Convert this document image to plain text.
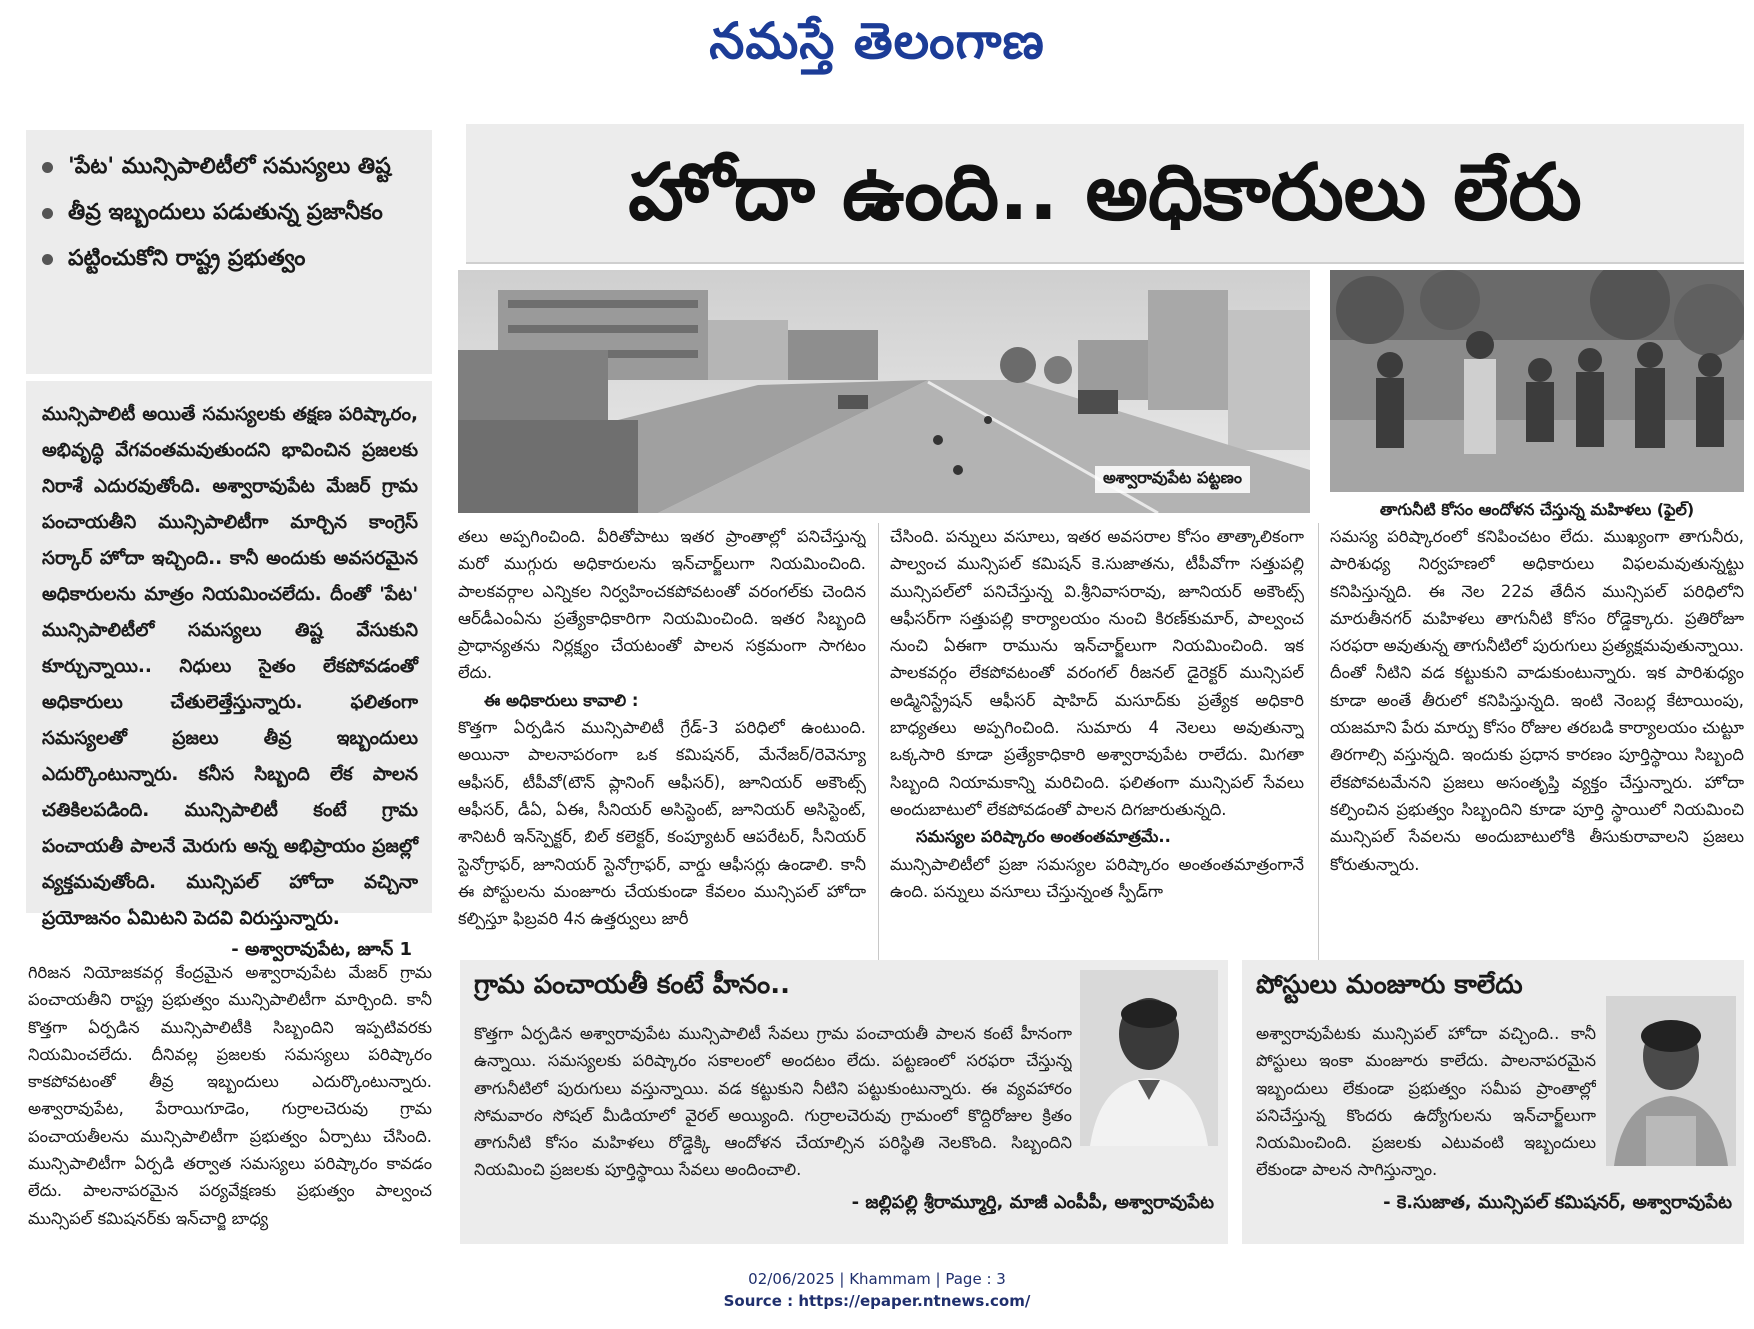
నమస్తే తెలంగాణ
హోదా ఉంది.. అధికారులు లేరు
'పేట' మున్సిపాలిటీలో సమస్యలు తిష్ట
తీవ్ర ఇబ్బందులు పడుతున్న ప్రజానీకం
పట్టించుకోని రాష్ట్ర ప్రభుత్వం
మున్సిపాలిటీ అయితే సమస్యలకు తక్షణ పరిష్కారం, అభివృద్ధి వేగవంతమవుతుందని భావించిన ప్రజలకు నిరాశే ఎదురవుతోంది. అశ్వారావుపేట మేజర్ గ్రామ పంచాయతీని మున్సిపాలిటీగా మార్చిన కాంగ్రెస్ సర్కార్ హోదా ఇచ్చింది.. కానీ అందుకు అవసరమైన అధికారులను మాత్రం నియమించలేదు. దీంతో 'పేట' మున్సిపాలిటీలో సమస్యలు తిష్ట వేసుకుని కూర్చున్నాయి.. నిధులు సైతం లేకపోవడంతో అధికారులు చేతులెత్తేస్తున్నారు. ఫలితంగా సమస్యలతో ప్రజలు తీవ్ర ఇబ్బందులు ఎదుర్కొంటున్నారు. కనీస సిబ్బంది లేక పాలన చతికిలపడింది. మున్సిపాలిటీ కంటే గ్రామ పంచాయతీ పాలనే మెరుగు అన్న అభిప్రాయం ప్రజల్లో వ్యక్తమవుతోంది. మున్సిపల్ హోదా వచ్చినా ప్రయోజనం ఏమిటని పెదవి విరుస్తున్నారు.
- అశ్వారావుపేట, జూన్ 1
గిరిజన నియోజకవర్గ కేంద్రమైన అశ్వారావుపేట మేజర్ గ్రామ పంచాయతీని రాష్ట్ర ప్రభుత్వం మున్సిపాలిటీగా మార్చింది. కానీ కొత్తగా ఏర్పడిన మున్సిపాలిటీకి సిబ్బందిని ఇప్పటివరకు నియమించలేదు. దీనివల్ల ప్రజలకు సమస్యలు పరిష్కారం కాకపోవటంతో తీవ్ర ఇబ్బందులు ఎదుర్కొంటున్నారు. అశ్వారావుపేట, పేరాయిగూడెం, గుర్రాలచెరువు గ్రామ పంచాయతీలను మున్సిపాలిటీగా ప్రభుత్వం ఏర్పాటు చేసింది. మున్సిపాలిటీగా ఏర్పడి తర్వాత సమస్యలు పరిష్కారం కావడం లేదు. పాలనాపరమైన పర్యవేక్షణకు ప్రభుత్వం పాల్వంచ మున్సిపల్ కమిషనర్‌కు ఇన్‌చార్జి బాధ్య
అశ్వారావుపేట పట్టణం
తాగునీటి కోసం ఆందోళన చేస్తున్న మహిళలు (ఫైల్)
తలు అప్పగించింది. వీరితోపాటు ఇతర ప్రాంతాల్లో పనిచేస్తున్న మరో ముగ్గురు అధికారులను ఇన్‌చార్జ్‌లుగా నియమించింది. పాలకవర్గాల ఎన్నికల నిర్వహించకపోవటంతో వరంగల్‌కు చెందిన ఆర్‌డీఎంఏను ప్రత్యేకాధికారిగా నియమించింది. ఇతర సిబ్బంది ప్రాధాన్యతను నిర్లక్ష్యం చేయటంతో పాలన సక్రమంగా సాగటం లేదు.
ఈ అధికారులు కావాలి :
కొత్తగా ఏర్పడిన మున్సిపాలిటీ గ్రేడ్-3 పరిధిలో ఉంటుంది. అయినా పాలనాపరంగా ఒక కమిషనర్, మేనేజర్/రెవెన్యూ ఆఫీసర్, టీపీవో(టౌన్ ప్లానింగ్ ఆఫీసర్), జూనియర్ అకౌంట్స్ ఆఫీసర్, డీఏ, ఏఈ, సీనియర్ అసిస్టెంట్, జూనియర్ అసిస్టెంట్, శానిటరీ ఇన్‌స్పెక్టర్, బిల్ కలెక్టర్, కంప్యూటర్ ఆపరేటర్, సీనియర్ స్టెనోగ్రాఫర్, జూనియర్ స్టెనోగ్రాఫర్, వార్డు ఆఫీసర్లు ఉండాలి. కానీ ఈ పోస్టులను మంజూరు చేయకుండా కేవలం మున్సిపల్ హోదా కల్పిస్తూ ఫిబ్రవరి 4న ఉత్తర్వులు జారీ
చేసింది. పన్నులు వసూలు, ఇతర అవసరాల కోసం తాత్కాలికంగా పాల్వంచ మున్సిపల్ కమిషన్ కె.సుజాతను, టీపీవోగా సత్తుపల్లి మున్సిపల్‌లో పనిచేస్తున్న వి.శ్రీనివాసరావు, జూనియర్ అకౌంట్స్ ఆఫీసర్‌గా సత్తుపల్లి కార్యాలయం నుంచి కిరణ్‌కుమార్, పాల్వంచ నుంచి ఏఈగా రామును ఇన్‌చార్జ్‌లుగా నియమించింది. ఇక పాలకవర్గం లేకపోవటంతో వరంగల్ రీజనల్ డైరెక్టర్ మున్సిపల్ అడ్మినిస్ట్రేషన్ ఆఫీసర్ షాహిద్ మసూద్‌కు ప్రత్యేక అధికారి బాధ్యతలు అప్పగించింది. సుమారు 4 నెలలు అవుతున్నా ఒక్కసారి కూడా ప్రత్యేకాధికారి అశ్వారావుపేట రాలేదు. మిగతా సిబ్బంది నియామకాన్ని మరిచింది. ఫలితంగా మున్సిపల్ సేవలు అందుబాటులో లేకపోవడంతో పాలన దిగజారుతున్నది.
సమస్యల పరిష్కారం అంతంతమాత్రమే..
మున్సిపాలిటీలో ప్రజా సమస్యల పరిష్కారం అంతంతమాత్రంగానే ఉంది. పన్నులు వసూలు చేస్తున్నంత స్పీడ్‌గా
సమస్య పరిష్కారంలో కనిపించటం లేదు. ముఖ్యంగా తాగునీరు, పారిశుధ్య నిర్వహణలో అధికారులు విఫలమవుతున్నట్టు కనిపిస్తున్నది. ఈ నెల 22వ తేదీన మున్సిపల్ పరిధిలోని మారుతీనగర్ మహిళలు తాగునీటి కోసం రోడ్డెక్కారు. ప్రతిరోజూ సరఫరా అవుతున్న తాగునీటిలో పురుగులు ప్రత్యక్షమవుతున్నాయి. దీంతో నీటిని వడ కట్టుకుని వాడుకుంటున్నారు. ఇక పారిశుధ్యం కూడా అంతే తీరులో కనిపిస్తున్నది. ఇంటి నెంబర్ల కేటాయింపు, యజమాని పేరు మార్పు కోసం రోజుల తరబడి కార్యాలయం చుట్టూ తిరగాల్సి వస్తున్నది. ఇందుకు ప్రధాన కారణం పూర్తిస్థాయి సిబ్బంది లేకపోవటమేనని ప్రజలు అసంతృప్తి వ్యక్తం చేస్తున్నారు. హోదా కల్పించిన ప్రభుత్వం సిబ్బందిని కూడా పూర్తి స్థాయిలో నియమించి మున్సిపల్ సేవలను అందుబాటులోకి తీసుకురావాలని ప్రజలు కోరుతున్నారు.
గ్రామ పంచాయతీ కంటే హీనం..
కొత్తగా ఏర్పడిన అశ్వారావుపేట మున్సిపాలిటీ సేవలు గ్రామ పంచాయతీ పాలన కంటే హీనంగా ఉన్నాయి. సమస్యలకు పరిష్కారం సకాలంలో అందటం లేదు. పట్టణంలో సరఫరా చేస్తున్న తాగునీటిలో పురుగులు వస్తున్నాయి. వడ కట్టుకుని నీటిని పట్టుకుంటున్నారు. ఈ వ్యవహారం సోమవారం సోషల్ మీడియాలో వైరల్ అయ్యింది. గుర్రాలచెరువు గ్రామంలో కొద్దిరోజుల క్రితం తాగునీటి కోసం మహిళలు రోడ్డెక్కి ఆందోళన చేయాల్సిన పరిస్థితి నెలకొంది. సిబ్బందిని నియమించి ప్రజలకు పూర్తిస్థాయి సేవలు అందించాలి.
- జల్లిపల్లి శ్రీరామ్మూర్తి, మాజీ ఎంపీపీ, అశ్వారావుపేట
పోస్టులు మంజూరు కాలేదు
అశ్వారావుపేటకు మున్సిపల్ హోదా వచ్చింది.. కానీ పోస్టులు ఇంకా మంజూరు కాలేదు. పాలనాపరమైన ఇబ్బందులు లేకుండా ప్రభుత్వం సమీప ప్రాంతాల్లో పనిచేస్తున్న కొందరు ఉద్యోగులను ఇన్‌చార్జ్‌లుగా నియమించింది. ప్రజలకు ఎటువంటి ఇబ్బందులు లేకుండా పాలన సాగిస్తున్నాం.
- కె.సుజాత, మున్సిపల్ కమిషనర్, అశ్వారావుపేట
02/06/2025 | Khammam | Page : 3
Source : https://epaper.ntnews.com/
